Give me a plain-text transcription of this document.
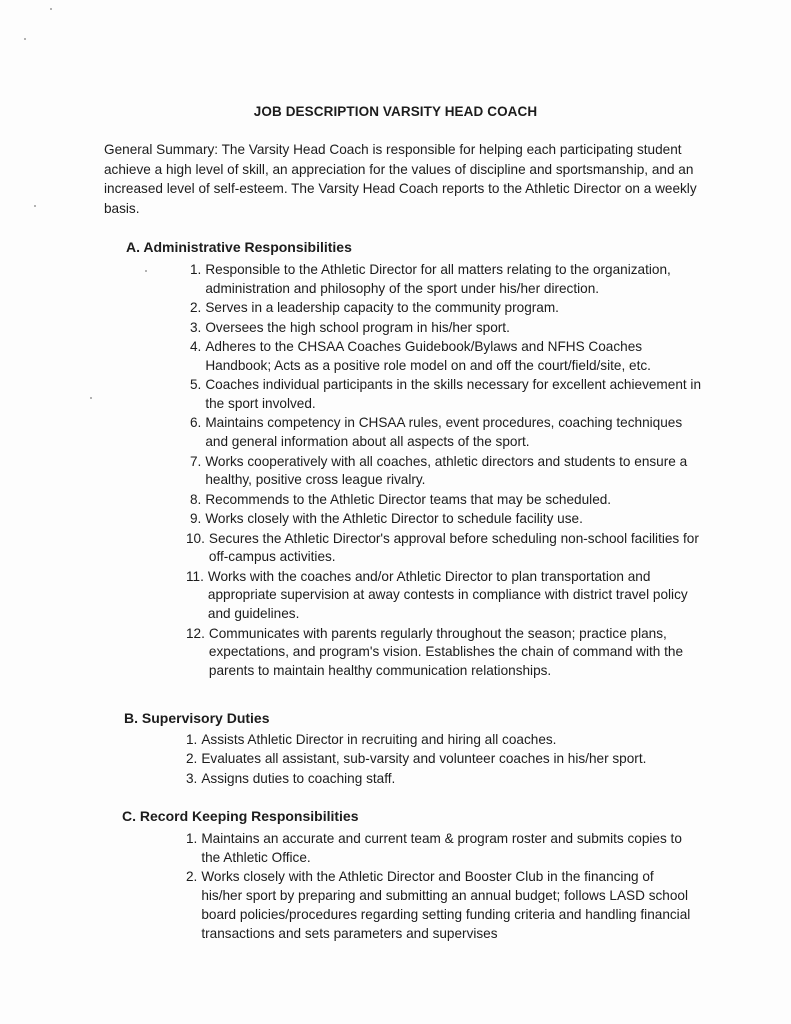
JOB DESCRIPTION VARSITY HEAD COACH
General Summary: The Varsity Head Coach is responsible for helping each participating student achieve a high level of skill, an appreciation for the values of discipline and sportsmanship, and an increased level of self-esteem. The Varsity Head Coach reports to the Athletic Director on a weekly basis.
A. Administrative Responsibilities
1. Responsible to the Athletic Director for all matters relating to the organization, administration and philosophy of the sport under his/her direction.
2. Serves in a leadership capacity to the community program.
3. Oversees the high school program in his/her sport.
4. Adheres to the CHSAA Coaches Guidebook/Bylaws and NFHS Coaches Handbook; Acts as a positive role model on and off the court/field/site, etc.
5. Coaches individual participants in the skills necessary for excellent achievement in the sport involved.
6. Maintains competency in CHSAA rules, event procedures, coaching techniques and general information about all aspects of the sport.
7. Works cooperatively with all coaches, athletic directors and students to ensure a healthy, positive cross league rivalry.
8. Recommends to the Athletic Director teams that may be scheduled.
9. Works closely with the Athletic Director to schedule facility use.
10. Secures the Athletic Director's approval before scheduling non-school facilities for off-campus activities.
11. Works with the coaches and/or Athletic Director to plan transportation and appropriate supervision at away contests in compliance with district travel policy and guidelines.
12. Communicates with parents regularly throughout the season; practice plans, expectations, and program's vision. Establishes the chain of command with the parents to maintain healthy communication relationships.
B. Supervisory Duties
1. Assists Athletic Director in recruiting and hiring all coaches.
2. Evaluates all assistant, sub-varsity and volunteer coaches in his/her sport.
3. Assigns duties to coaching staff.
C. Record Keeping Responsibilities
1. Maintains an accurate and current team & program roster and submits copies to the Athletic Office.
2. Works closely with the Athletic Director and Booster Club in the financing of his/her sport by preparing and submitting an annual budget; follows LASD school board policies/procedures regarding setting funding criteria and handling financial transactions and sets parameters and supervises
